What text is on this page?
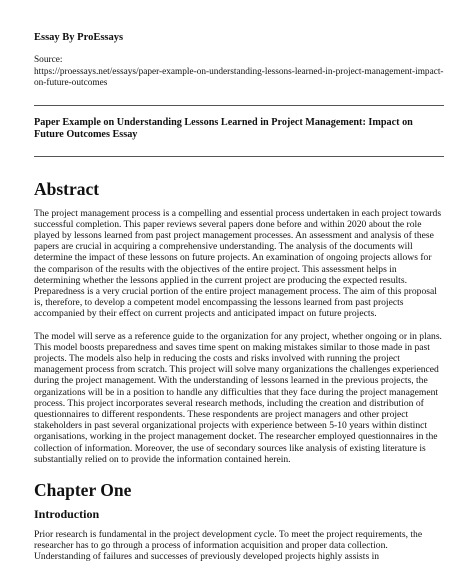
Essay By ProEssays
Source:
https://proessays.net/essays/paper-example-on-understanding-lessons-learned-in-project-management-impact-on-future-outcomes
Paper Example on Understanding Lessons Learned in Project Management: Impact on Future Outcomes Essay
Abstract
The project management process is a compelling and essential process undertaken in each project towards successful completion. This paper reviews several papers done before and within 2020 about the role played by lessons learned from past project management processes. An assessment and analysis of these papers are crucial in acquiring a comprehensive understanding. The analysis of the documents will determine the impact of these lessons on future projects. An examination of ongoing projects allows for the comparison of the results with the objectives of the entire project. This assessment helps in determining whether the lessons applied in the current project are producing the expected results. Preparedness is a very crucial portion of the entire project management process. The aim of this proposal is, therefore, to develop a competent model encompassing the lessons learned from past projects accompanied by their effect on current projects and anticipated impact on future projects.
The model will serve as a reference guide to the organization for any project, whether ongoing or in plans. This model boosts preparedness and saves time spent on making mistakes similar to those made in past projects. The models also help in reducing the costs and risks involved with running the project management process from scratch. This project will solve many organizations the challenges experienced during the project management. With the understanding of lessons learned in the previous projects, the organizations will be in a position to handle any difficulties that they face during the project management process. This project incorporates several research methods, including the creation and distribution of questionnaires to different respondents. These respondents are project managers and other project stakeholders in past several organizational projects with experience between 5-10 years within distinct organisations, working in the project management docket. The researcher employed questionnaires in the collection of information. Moreover, the use of secondary sources like analysis of existing literature is substantially relied on to provide the information contained herein.
Chapter One
Introduction
Prior research is fundamental in the project development cycle. To meet the project requirements, the researcher has to go through a process of information acquisition and proper data collection. Understanding of failures and successes of previously developed projects highly assists in
